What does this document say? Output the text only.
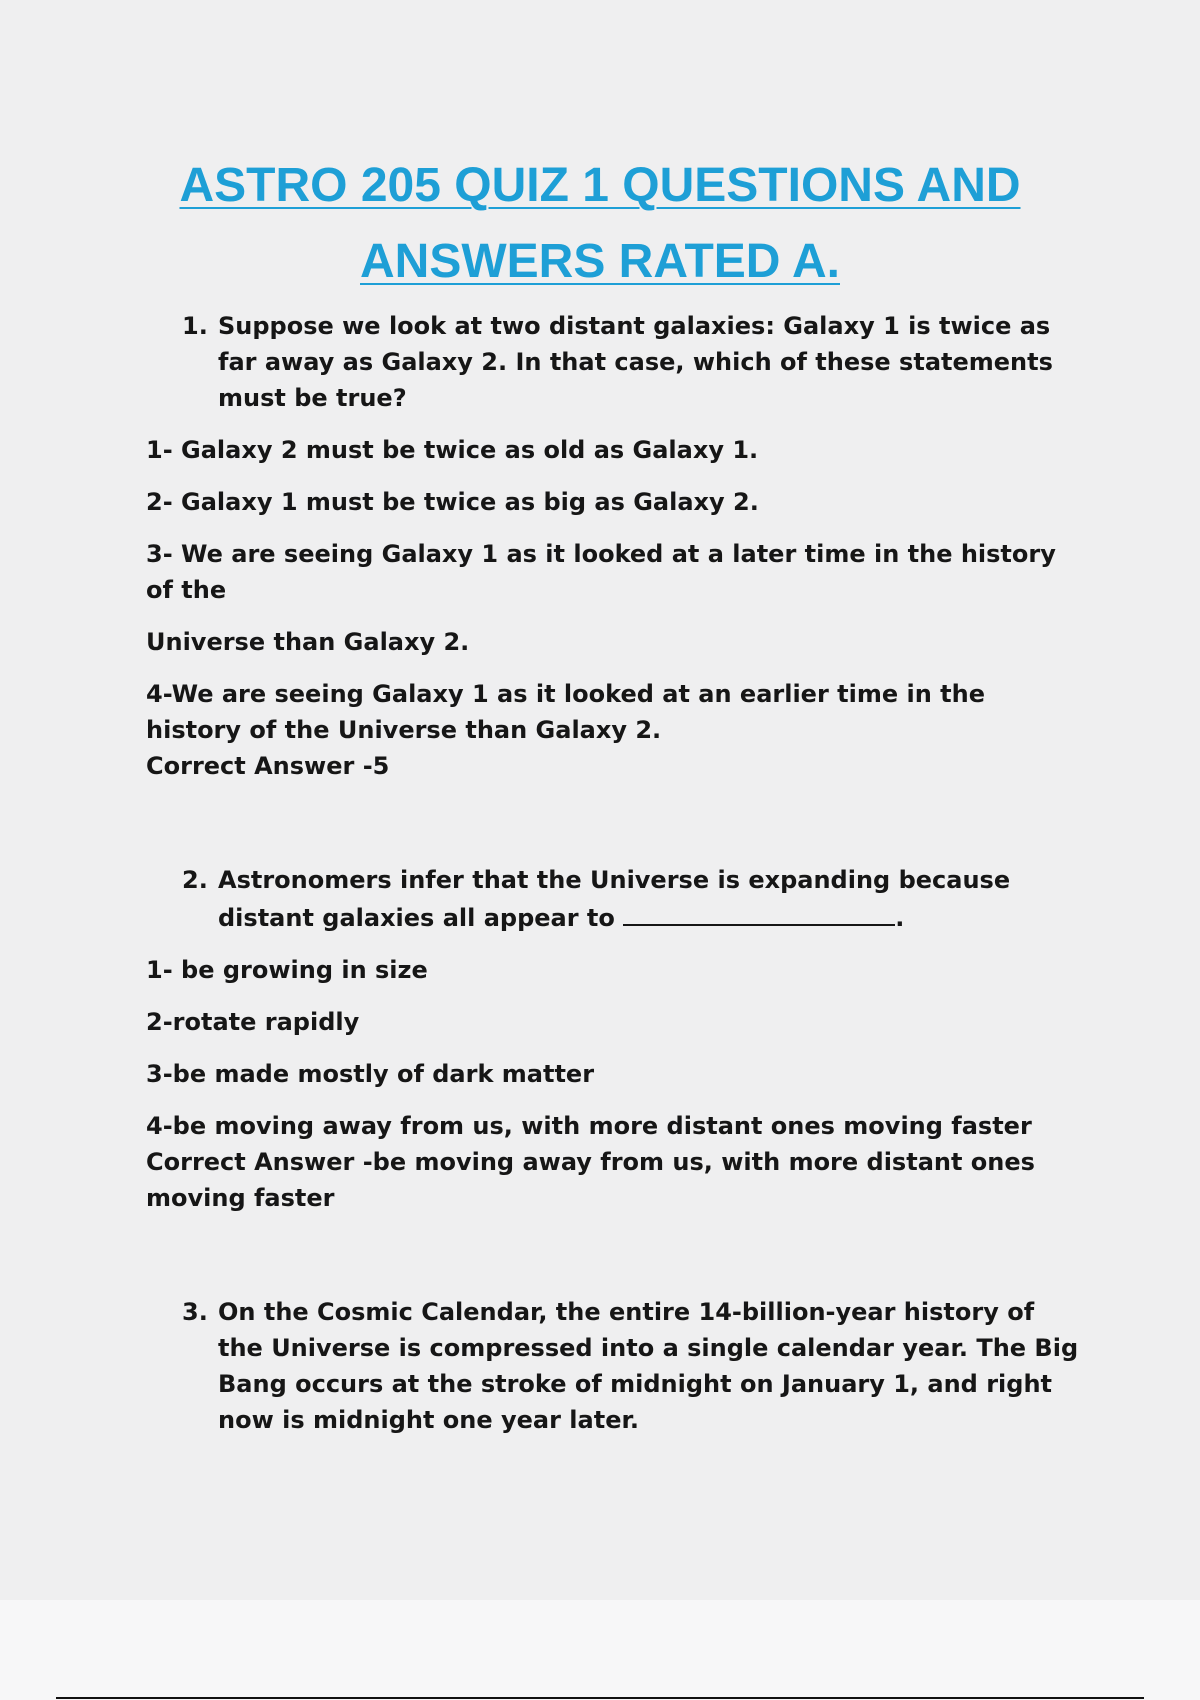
ASTRO 205 QUIZ 1 QUESTIONS AND
ANSWERS RATED A.

1. Suppose we look at two distant galaxies: Galaxy 1 is twice as far away as Galaxy 2. In that case, which of these statements must be true?

1- Galaxy 2 must be twice as old as Galaxy 1.

2- Galaxy 1 must be twice as big as Galaxy 2.

3- We are seeing Galaxy 1 as it looked at a later time in the history of the

Universe than Galaxy 2.

4-We are seeing Galaxy 1 as it looked at an earlier time in the history of the Universe than Galaxy 2.

Correct Answer -5

2. Astronomers infer that the Universe is expanding because distant galaxies all appear to	.

1- be growing in size

2-rotate rapidly

3-be made mostly of dark matter

4-be moving away from us, with more distant ones moving faster

Correct Answer -be moving away from us, with more distant ones moving faster

3. On the Cosmic Calendar, the entire 14-billion-year history of the Universe is compressed into a single calendar year. The Big Bang occurs at the stroke of midnight on January 1, and right now is midnight one year later.
